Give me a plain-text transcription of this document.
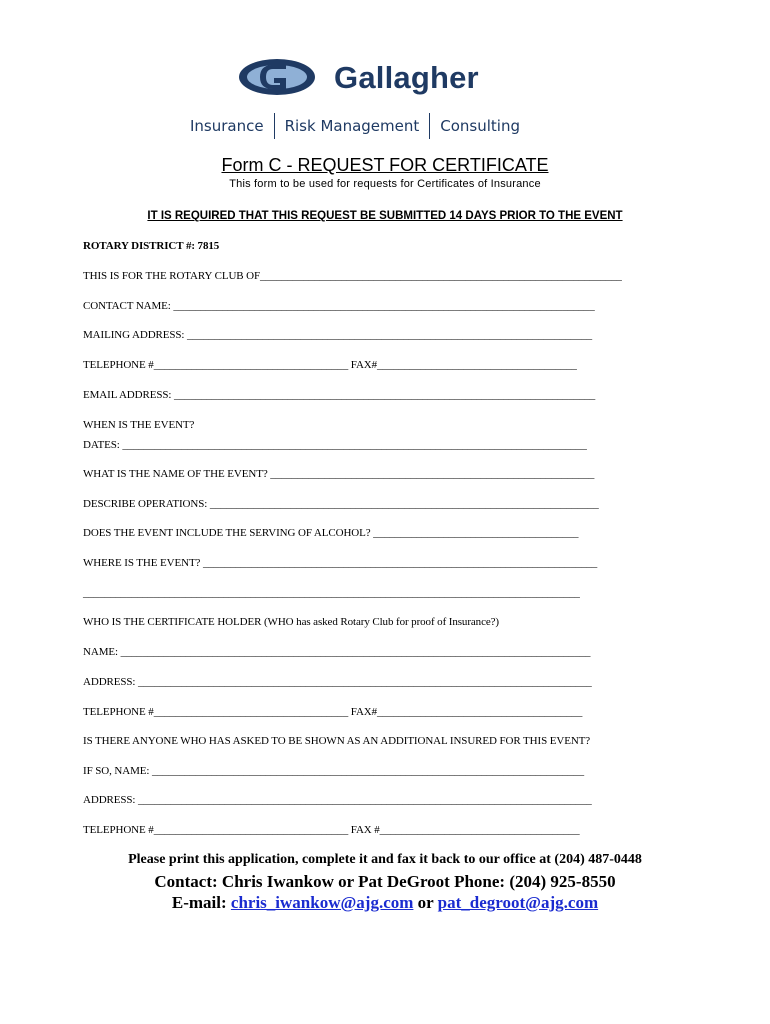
Gallagher
Insurance Risk Management Consulting
Form C - REQUEST FOR CERTIFICATE
This form to be used for requests for Certificates of Insurance
IT IS REQUIRED THAT THIS REQUEST BE SUBMITTED 14 DAYS PRIOR TO THE EVENT
ROTARY DISTRICT #: 7815
THIS IS FOR THE ROTARY CLUB OF___________________________________________________________________
CONTACT NAME: ______________________________________________________________________________
MAILING ADDRESS: ___________________________________________________________________________
TELEPHONE #____________________________________ FAX#_____________________________________
EMAIL ADDRESS: ______________________________________________________________________________
WHEN IS THE EVENT?
DATES: ______________________________________________________________________________________
WHAT IS THE NAME OF THE EVENT? ____________________________________________________________
DESCRIBE OPERATIONS: ________________________________________________________________________
DOES THE EVENT INCLUDE THE SERVING OF ALCOHOL? ______________________________________
WHERE IS THE EVENT? _________________________________________________________________________
____________________________________________________________________________________________
WHO IS THE CERTIFICATE HOLDER (WHO has asked Rotary Club for proof of Insurance?)
NAME: _______________________________________________________________________________________
ADDRESS: ____________________________________________________________________________________
TELEPHONE #____________________________________ FAX#______________________________________
IS THERE ANYONE WHO HAS ASKED TO BE SHOWN AS AN ADDITIONAL INSURED FOR THIS EVENT?
IF SO, NAME: ________________________________________________________________________________
ADDRESS: ____________________________________________________________________________________
TELEPHONE #____________________________________ FAX #_____________________________________
Please print this application, complete it and fax it back to our office at (204) 487-0448
Contact: Chris Iwankow or Pat DeGroot Phone: (204) 925-8550
E-mail: chris_iwankow@ajg.com or pat_degroot@ajg.com
